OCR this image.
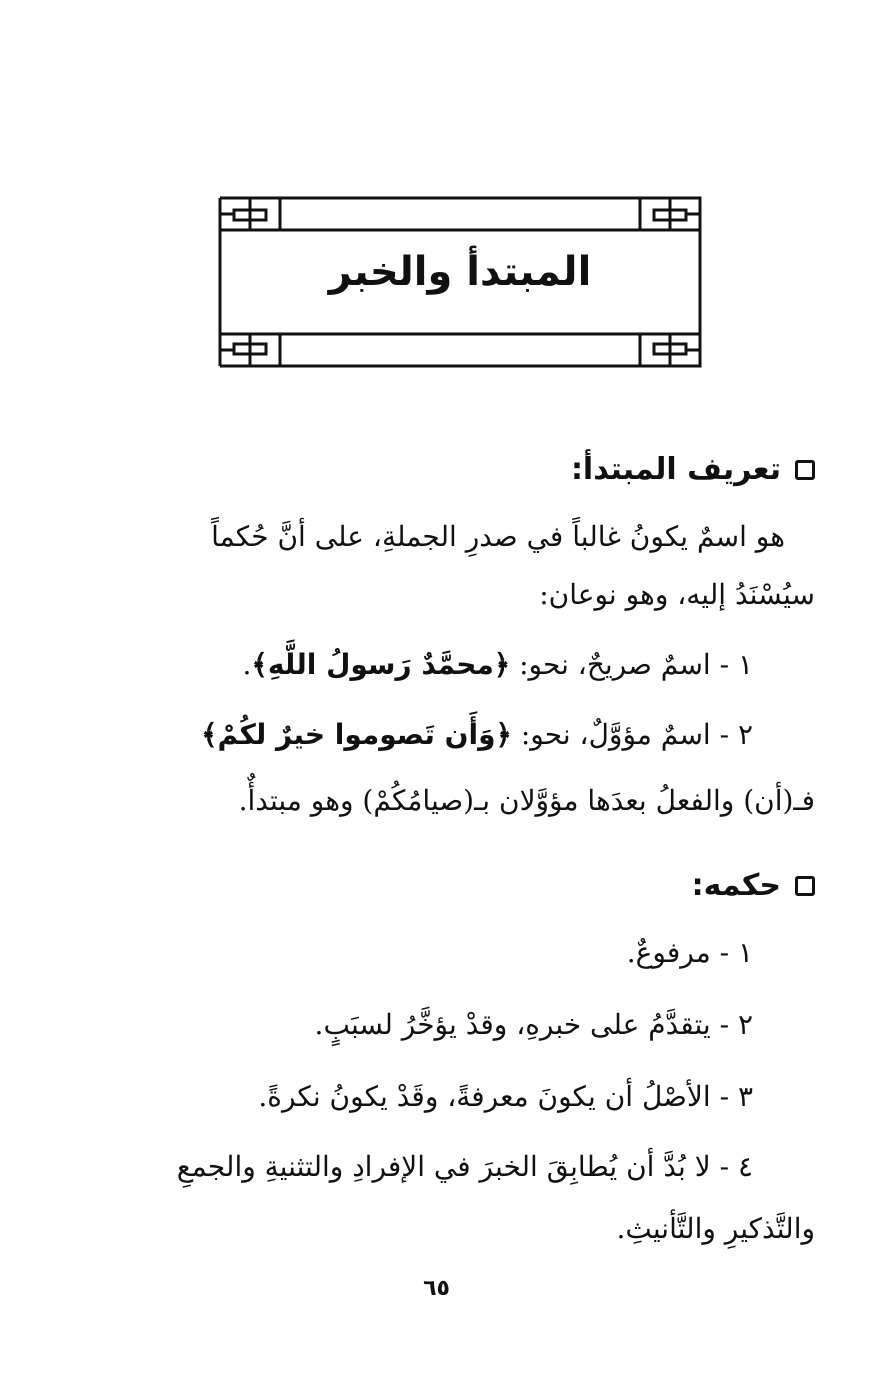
المبتدأ والخبر
تعريف المبتدأ:
هو اسمٌ يكونُ غالباً في صدرِ الجملةِ، على أنَّ حُكماً
سيُسْنَدُ إليه، وهو نوعان:
١ - اسمٌ صريحٌ، نحو: ﴿محمَّدٌ رَسولُ اللَّهِ﴾.
٢ - اسمٌ مؤوَّلٌ، نحو: ﴿وَأَن تَصوموا خيرٌ لكُمْ﴾
فـ(أن) والفعلُ بعدَها مؤوَّلان بـ(صيامُكُمْ) وهو مبتدأٌ.
حكمه:
١ - مرفوعٌ.
٢ - يتقدَّمُ على خبرهِ، وقدْ يؤخَّرُ لسبَبٍ.
٣ - الأصْلُ أن يكونَ معرفةً، وقَدْ يكونُ نكرةً.
٤ - لا بُدَّ أن يُطابِقَ الخبرَ في الإفرادِ والتثنيةِ والجمعِ
والتَّذكيرِ والتَّأنيثِ.
٦٥
